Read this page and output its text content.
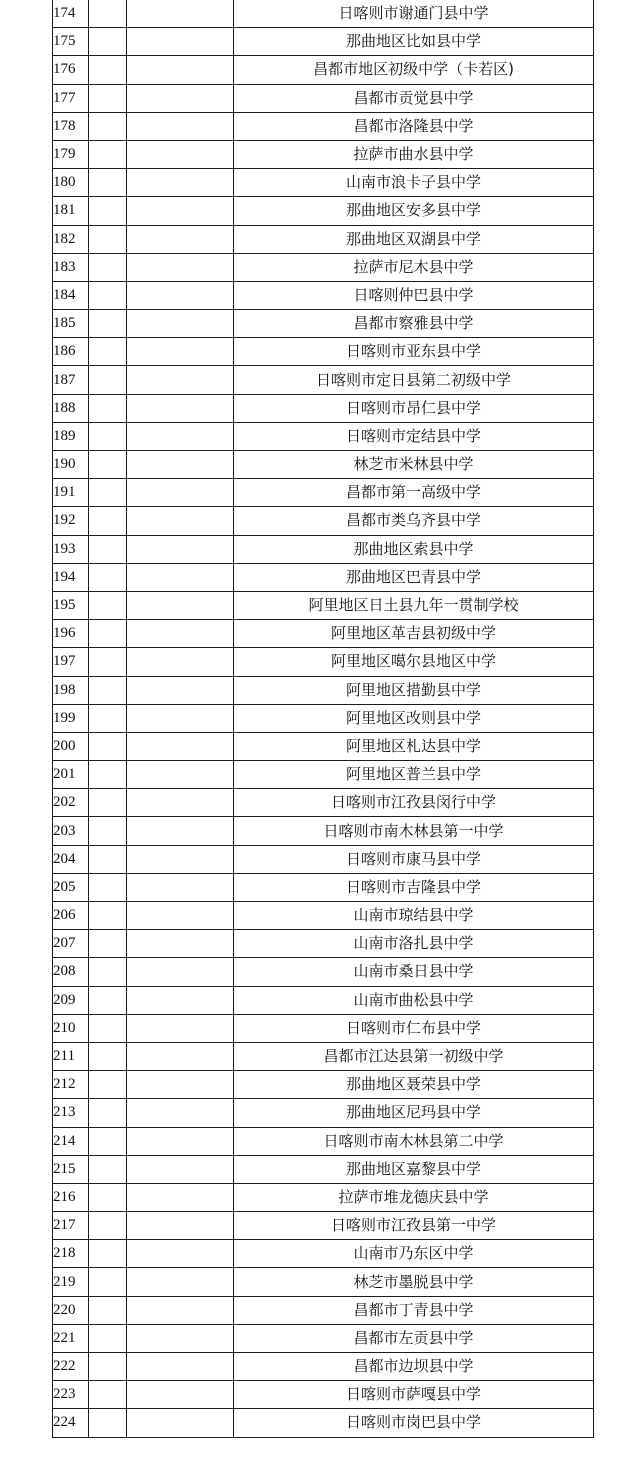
174			日喀则市谢通门县中学
175			那曲地区比如县中学
176			昌都市地区初级中学（卡若区)
177			昌都市贡觉县中学
178			昌都市洛隆县中学
179			拉萨市曲水县中学
180			山南市浪卡子县中学
181			那曲地区安多县中学
182			那曲地区双湖县中学
183			拉萨市尼木县中学
184			日喀则仲巴县中学
185			昌都市察雅县中学
186			日喀则市亚东县中学
187			日喀则市定日县第二初级中学
188			日喀则市昂仁县中学
189			日喀则市定结县中学
190			林芝市米林县中学
191			昌都市第一高级中学
192			昌都市类乌齐县中学
193			那曲地区索县中学
194			那曲地区巴青县中学
195			阿里地区日土县九年一贯制学校
196			阿里地区革吉县初级中学
197			阿里地区噶尔县地区中学
198			阿里地区措勤县中学
199			阿里地区改则县中学
200			阿里地区札达县中学
201			阿里地区普兰县中学
202			日喀则市江孜县闵行中学
203			日喀则市南木林县第一中学
204			日喀则市康马县中学
205			日喀则市吉隆县中学
206			山南市琼结县中学
207			山南市洛扎县中学
208			山南市桑日县中学
209			山南市曲松县中学
210			日喀则市仁布县中学
211			昌都市江达县第一初级中学
212			那曲地区聂荣县中学
213			那曲地区尼玛县中学
214			日喀则市南木林县第二中学
215			那曲地区嘉黎县中学
216			拉萨市堆龙德庆县中学
217			日喀则市江孜县第一中学
218			山南市乃东区中学
219			林芝市墨脱县中学
220			昌都市丁青县中学
221			昌都市左贡县中学
222			昌都市边坝县中学
223			日喀则市萨嘎县中学
224			日喀则市岗巴县中学
